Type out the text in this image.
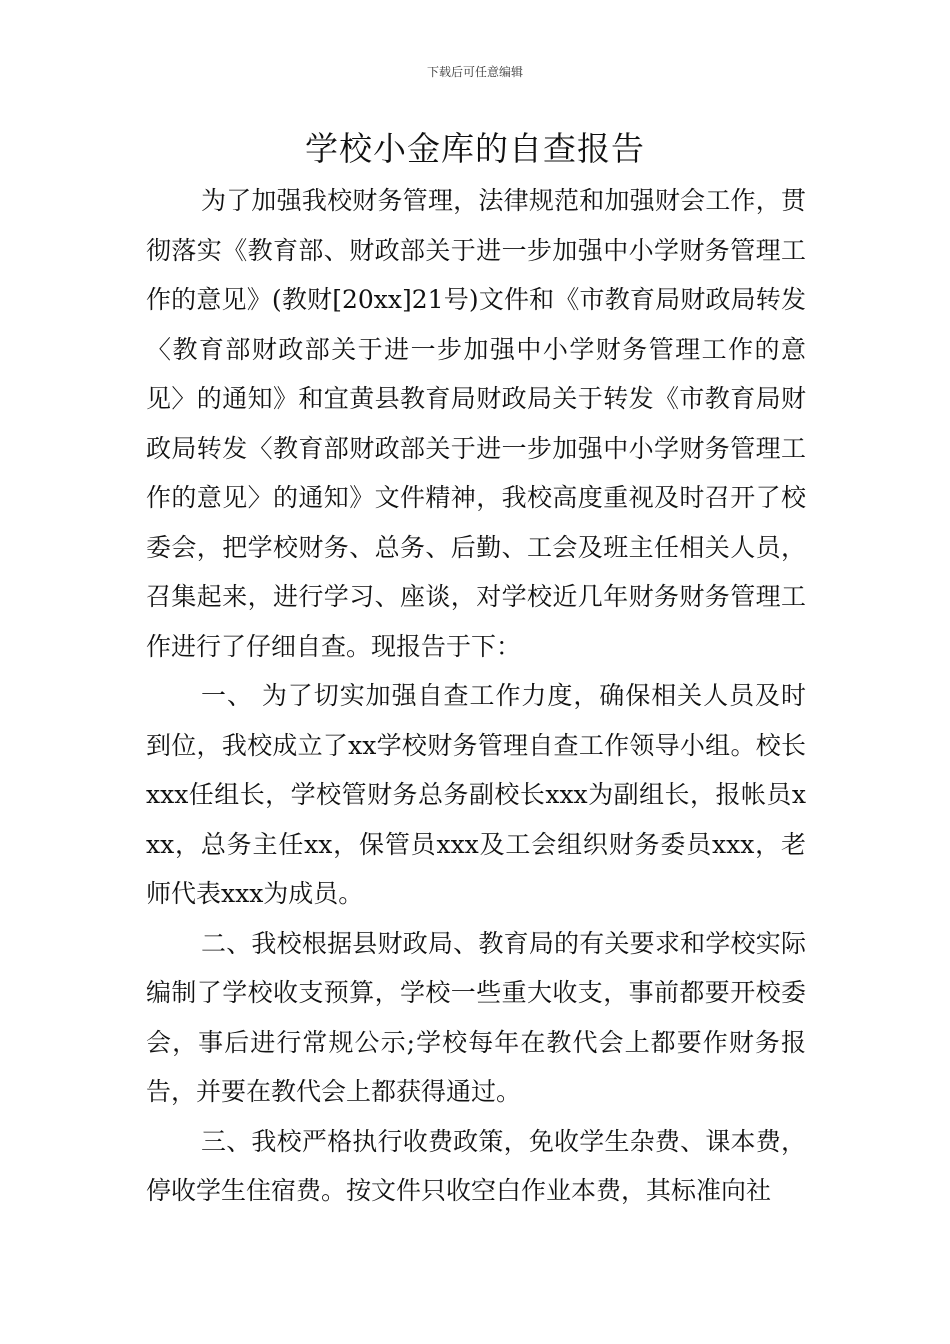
下载后可任意编辑
学校小金库的自查报告

为了加强我校财务管理，法律规范和加强财会工作，贯彻落实《教育部、财政部关于进一步加强中小学财务管理工作的意见》(教财[20xx]21号)文件和《市教育局财政局转发〈教育部财政部关于进一步加强中小学财务管理工作的意见〉的通知》和宜黄县教育局财政局关于转发《市教育局财政局转发〈教育部财政部关于进一步加强中小学财务管理工作的意见〉的通知》文件精神，我校高度重视及时召开了校委会，把学校财务、总务、后勤、工会及班主任相关人员，召集起来，进行学习、座谈，对学校近几年财务财务管理工作进行了仔细自查。现报告于下：

一、 为了切实加强自查工作力度，确保相关人员及时到位，我校成立了xx学校财务管理自查工作领导小组。校长xxx任组长，学校管财务总务副校长xxx为副组长，报帐员xxx，总务主任xx，保管员xxx及工会组织财务委员xxx，老师代表xxx为成员。

二、我校根据县财政局、教育局的有关要求和学校实际编制了学校收支预算，学校一些重大收支，事前都要开校委会，事后进行常规公示;学校每年在教代会上都要作财务报告，并要在教代会上都获得通过。

三、我校严格执行收费政策，免收学生杂费、课本费，停收学生住宿费。按文件只收空白作业本费，其标准向社
